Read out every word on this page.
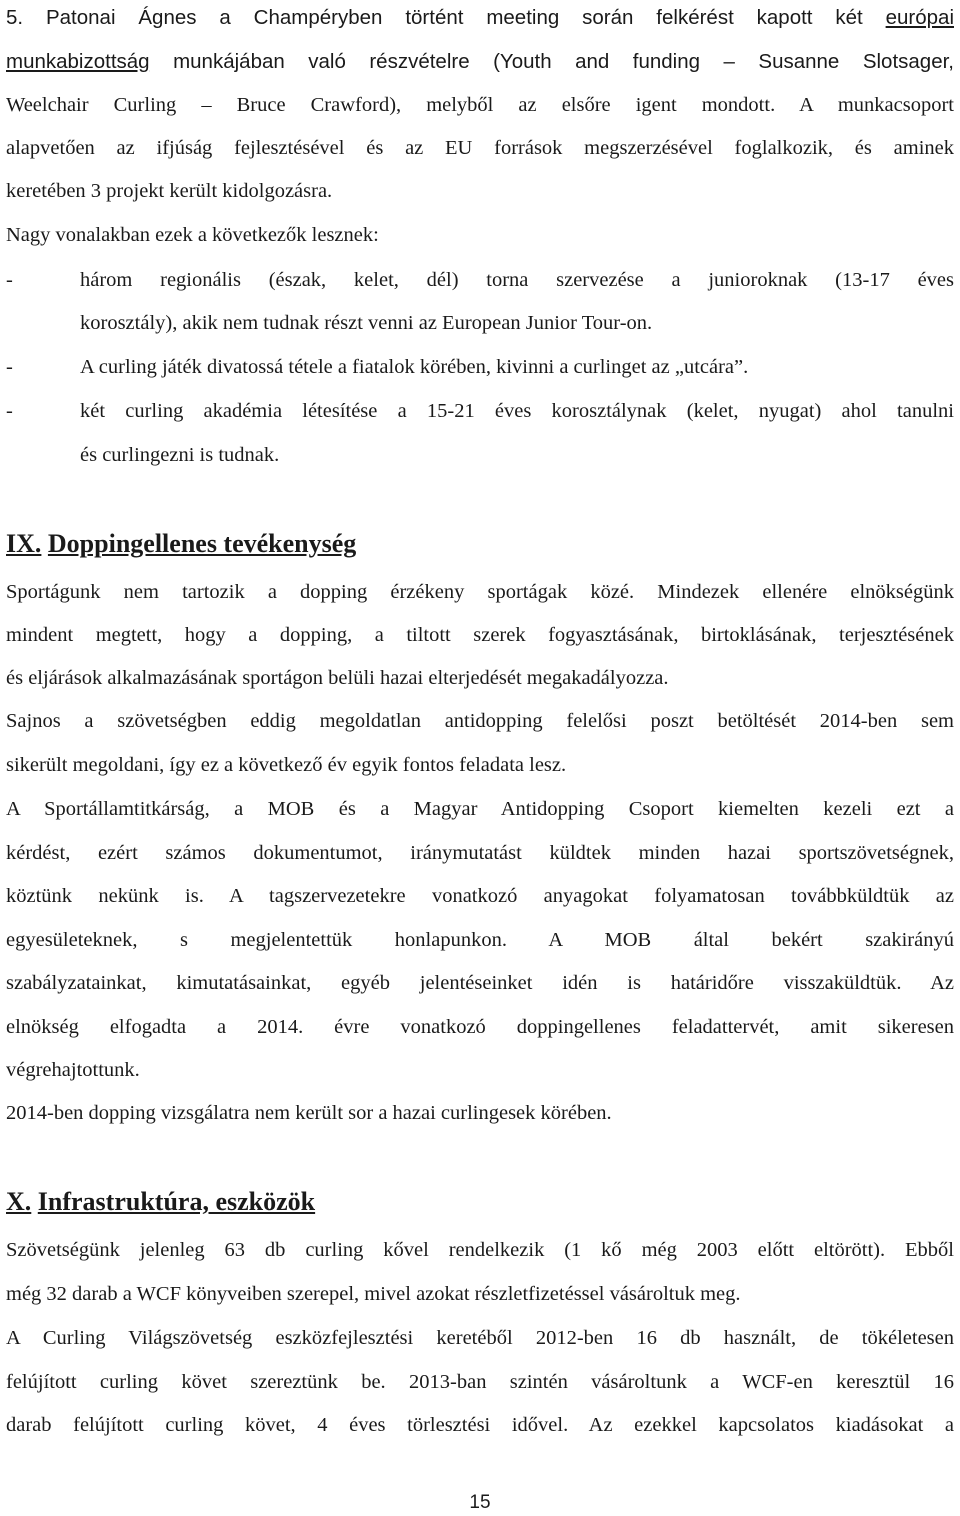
5. Patonai Ágnes a Champéryben történt meeting során felkérést kapott két európai
munkabizottság munkájában való részvételre (Youth and funding – Susanne Slotsager,
Weelchair Curling – Bruce Crawford), melyből az elsőre igent mondott. A munkacsoport
alapvetően az ifjúság fejlesztésével és az EU források megszerzésével foglalkozik, és aminek
keretében 3 projekt került kidolgozásra.
Nagy vonalakban ezek a következők lesznek:
-	három regionális (észak, kelet, dél) torna szervezése a junioroknak (13-17 éves
korosztály), akik nem tudnak részt venni az European Junior Tour-on.
-	A curling játék divatossá tétele a fiatalok körében, kivinni a curlinget az „utcára”.
-	két curling akadémia létesítése a 15-21 éves korosztálynak (kelet, nyugat) ahol tanulni
és curlingezni is tudnak.
IX. Doppingellenes tevékenység
Sportágunk nem tartozik a dopping érzékeny sportágak közé. Mindezek ellenére elnökségünk
mindent megtett, hogy a dopping, a tiltott szerek fogyasztásának, birtoklásának, terjesztésének
és eljárások alkalmazásának sportágon belüli hazai elterjedését megakadályozza.
Sajnos a szövetségben eddig megoldatlan antidopping felelősi poszt betöltését 2014-ben sem
sikerült megoldani, így ez a következő év egyik fontos feladata lesz.
A Sportállamtitkárság, a MOB és a Magyar Antidopping Csoport kiemelten kezeli ezt a
kérdést, ezért számos dokumentumot, iránymutatást küldtek minden hazai sportszövetségnek,
köztünk nekünk is. A tagszervezetekre vonatkozó anyagokat folyamatosan továbbküldtük az
egyesületeknek, s megjelentettük honlapunkon. A MOB által bekért szakirányú
szabályzatainkat, kimutatásainkat, egyéb jelentéseinket idén is határidőre visszaküldtük. Az
elnökség elfogadta a 2014. évre vonatkozó doppingellenes feladattervét, amit sikeresen
végrehajtottunk.
2014-ben dopping vizsgálatra nem került sor a hazai curlingesek körében.
X. Infrastruktúra, eszközök
Szövetségünk jelenleg 63 db curling kővel rendelkezik (1 kő még 2003 előtt eltörött). Ebből
még 32 darab a WCF könyveiben szerepel, mivel azokat részletfizetéssel vásároltuk meg.
A Curling Világszövetség eszközfejlesztési keretéből 2012-ben 16 db használt, de tökéletesen
felújított curling követ szereztünk be. 2013-ban szintén vásároltunk a WCF-en keresztül 16
darab felújított curling követ, 4 éves törlesztési idővel. Az ezekkel kapcsolatos kiadásokat a
15
